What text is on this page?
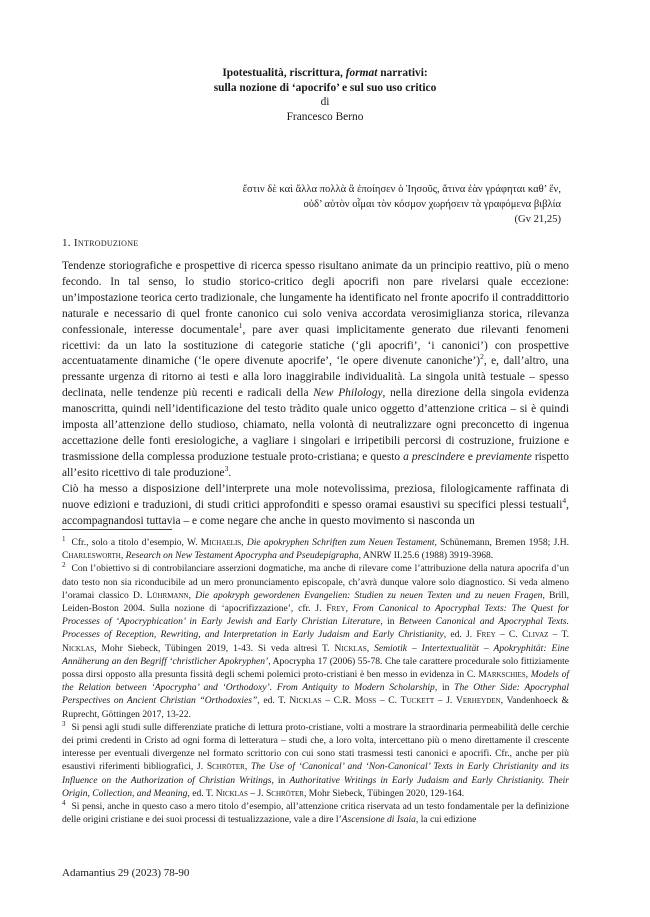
Ipotestualità, riscrittura, format narrativi:
sulla nozione di ‘apocrifo’ e sul suo uso critico
di
Francesco Berno
ἔστιν δὲ καὶ ἄλλα πολλὰ ἃ ἐποίησεν ὁ Ἰησοῦς, ἅτινα ἐὰν γράφηται καθ’ ἕν,
οὐδ’ αὐτὸν οἶμαι τὸν κόσμον χωρήσειν τὰ γραφόμενα βιβλία
(Gv 21,25)
1. Introduzione

Tendenze storiografiche e prospettive di ricerca spesso risultano animate da un principio reattivo, più o meno fecondo. In tal senso, lo studio storico-critico degli apocrifi non pare rivelarsi quale eccezione: un’impostazione teorica certo tradizionale, che lungamente ha identificato nel fronte apocrifo il contraddittorio naturale e necessario di quel fronte canonico cui solo veniva accordata verosimiglianza storica, rilevanza confessionale, interesse documentale$^1$, pare aver quasi implicitamente generato due rilevanti fenomeni ricettivi: da un lato la sostituzione di categorie statiche (‘gli apocrifi’, ‘i canonici’) con prospettive accentuatamente dinamiche (‘le opere divenute apocrife’, ‘le opere divenute canoniche’)$^2$, e, dall’altro, una pressante urgenza di ritorno ai testi e alla loro inaggirabile individualità. La singola unità testuale – spesso declinata, nelle tendenze più recenti e radicali della New Philology, nella direzione della singola evidenza manoscritta, quindi nell’identificazione del testo tràdito quale unico oggetto d’attenzione critica – si è quindi imposta all’attenzione dello studioso, chiamato, nella volontà di neutralizzare ogni preconcetto di ingenua accettazione delle fonti eresiologiche, a vagliare i singolari e irripetibili percorsi di costruzione, fruizione e trasmissione della complessa produzione testuale proto-cristiana; e questo a prescindere e previamente rispetto all’esito ricettivo di tale produzione$^3$.

Ciò ha messo a disposizione dell’interprete una mole notevolissima, preziosa, filologicamente raffinata di nuove edizioni e traduzioni, di studi critici approfonditi e spesso oramai esaustivi su specifici plessi testuali$^4$, accompagnandosi tuttavia – e come negare che anche in questo movimento si nasconda un

$^1$ Cfr., solo a titolo d’esempio, W. Michaelis, Die apokryphen Schriften zum Neuen Testament, Schünemann, Bremen 1958; J.H. Charlesworth, Research on New Testament Apocrypha and Pseudepigrapha, ANRW II.25.6 (1988) 3919-3968.

$^2$ Con l’obiettivo si di controbilanciare asserzioni dogmatiche, ma anche di rilevare come l’attribuzione della natura apocrifa d’un dato testo non sia riconducibile ad un mero pronunciamento episcopale, ch’avrà dunque valore solo diagnostico. Si veda almeno l’oramai classico D. Lührmann, Die apokryph gewordenen Evangelien: Studien zu neuen Texten und zu neuen Fragen, Brill, Leiden-Boston 2004. Sulla nozione di ‘apocrifizzazione’, cfr. J. Frey, From Canonical to Apocryphal Texts: The Quest for Processes of ‘Apocryphication’ in Early Jewish and Early Christian Literature, in Between Canonical and Apocryphal Texts. Processes of Reception, Rewriting, and Interpretation in Early Judaism and Early Christianity, ed. J. Frey – C. Clivaz – T. Nicklas, Mohr Siebeck, Tübingen 2019, 1-43. Si veda altresì T. Nicklas, Semiotik – Intertextualität – Apokryphität: Eine Annäherung an den Begriff ‘christlicher Apokryphen’, Apocrypha 17 (2006) 55-78. Che tale carattere procedurale solo fittiziamente possa dirsi opposto alla presunta fissità degli schemi polemici proto-cristiani è ben messo in evidenza in C. Markschies, Models of the Relation between ‘Apocrypha’ and ‘Orthodoxy’. From Antiquity to Modern Scholarship, in The Other Side: Apocryphal Perspectives on Ancient Christian “Orthodoxies”, ed. T. Nicklas – C.R. Moss – C. Tuckett – J. Verheyden, Vandenhoeck & Ruprecht, Göttingen 2017, 13-22.

$^3$ Si pensi agli studi sulle differenziate pratiche di lettura proto-cristiane, volti a mostrare la straordinaria permeabilità delle cerchie dei primi credenti in Cristo ad ogni forma di letteratura – studi che, a loro volta, intercettano più o meno direttamente il crescente interesse per eventuali divergenze nel formato scrittorio con cui sono stati trasmessi testi canonici e apocrifi. Cfr., anche per più esaustivi riferimenti bibliografici, J. Schröter, The Use of ‘Canonical’ and ‘Non-Canonical’ Texts in Early Christianity and its Influence on the Authorization of Christian Writings, in Authoritative Writings in Early Judaism and Early Christianity. Their Origin, Collection, and Meaning, ed. T. Nicklas – J. Schröter, Mohr Siebeck, Tübingen 2020, 129-164.

$^4$ Si pensi, anche in questo caso a mero titolo d’esempio, all’attenzione critica riservata ad un testo fondamentale per la definizione delle origini cristiane e dei suoi processi di testualizzazione, vale a dire l’Ascensione di Isaia, la cui edizione

Adamantius 29 (2023) 78-90
